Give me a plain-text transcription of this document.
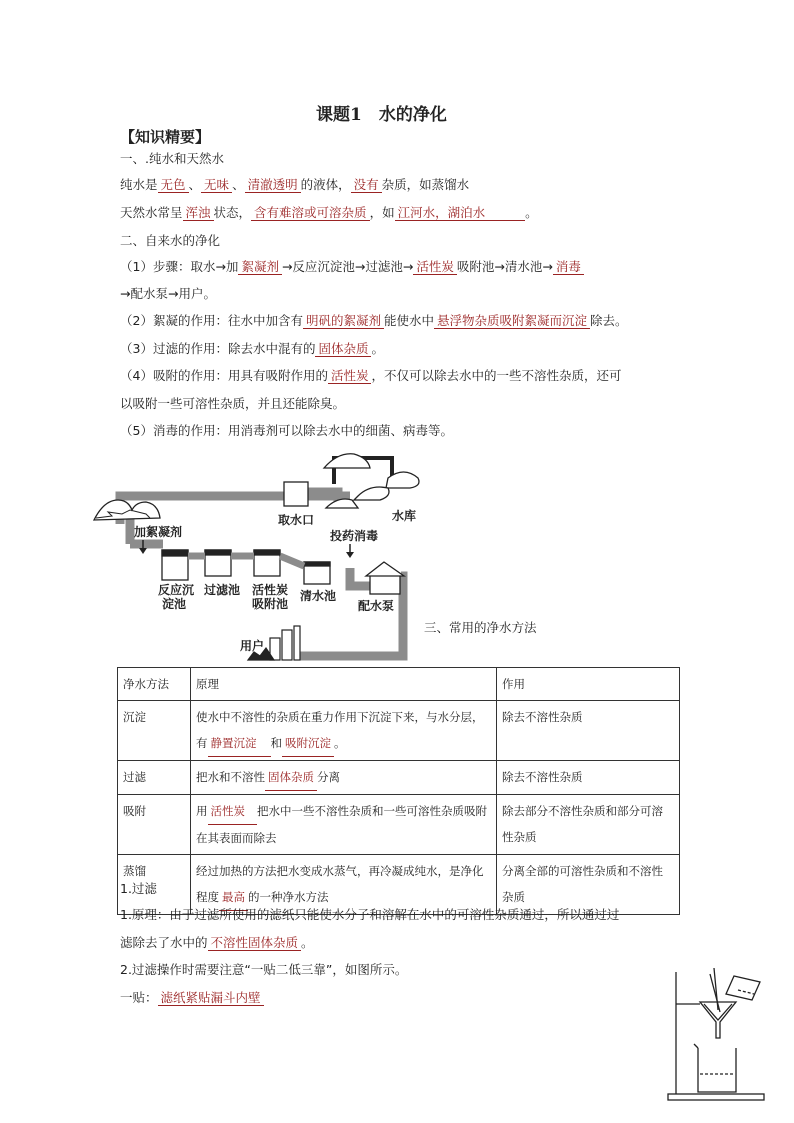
课题1　水的净化
【知识精要】
一、.纯水和天然水
纯水是 无色 、 无味 、 清澈透明 的液体， 没有 杂质，如蒸馏水
天然水常呈 浑浊 状态， 含有难溶或可溶杂质 ，如 江河水，湖泊水	。
二、自来水的净化
（1）步骤：取水→加 絮凝剂 →反应沉淀池→过滤池→ 活性炭 吸附池→清水池→ 消毒
→配水泵→用户。
（2）絮凝的作用：往水中加含有 明矾的絮凝剂 能使水中 悬浮物杂质吸附絮凝而沉淀 除去。
（3）过滤的作用：除去水中混有的 固体杂质 。
（4）吸附的作用：用具有吸附作用的 活性炭 ，不仅可以除去水中的一些不溶性杂质，还可
以吸附一些可溶性杂质，并且还能除臭。
（5）消毒的作用：用消毒剂可以除去水中的细菌、病毒等。
取水口	水库
加絮凝剂	投药消毒
反应沉
淀池
过滤池 活性炭
吸附池
清水池
配水泵
用户
三、常用的净水方法
净水方法	原理	作用
沉淀	使水中不溶性的杂质在重力作用下沉淀下来，与水分层，有 静置沉淀 和 吸附沉淀 。	除去不溶性杂质
过滤	把水和不溶性 固体杂质 分离	除去不溶性杂质
吸附	用 活性炭 把水中一些不溶性杂质和一些可溶性杂质吸附在其表面而除去	除去部分不溶性杂质和部分可溶性杂质
蒸馏	经过加热的方法把水变成水蒸气，再冷凝成纯水，是净化程度 最高 的一种净水方法	分离全部的可溶性杂质和不溶性杂质
1.过滤
1.原理：由于过滤所使用的滤纸只能使水分子和溶解在水中的可溶性杂质通过，所以通过过
滤除去了水中的 不溶性固体杂质 。
2.过滤操作时需要注意“一贴二低三靠”，如图所示。
一贴： 滤纸紧贴漏斗内壁
